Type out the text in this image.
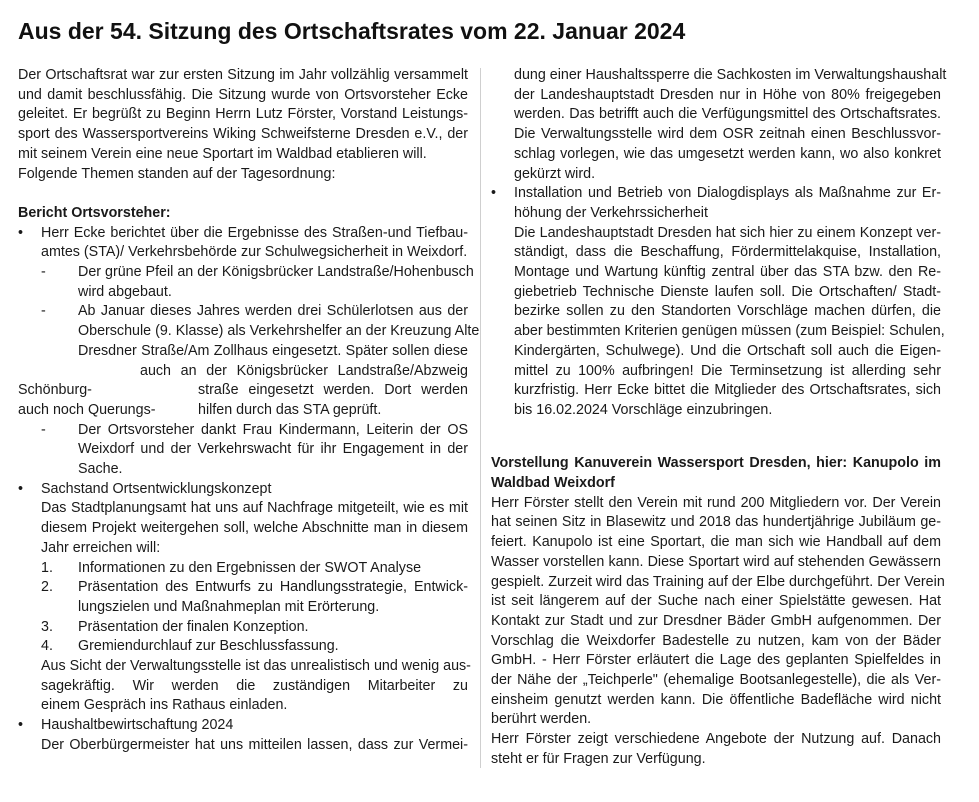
Aus der 54. Sitzung des Ortschaftsrates vom 22. Januar 2024
Der Ortschaftsrat war zur ersten Sitzung im Jahr vollzählig versammelt
und damit beschlussfähig. Die Sitzung wurde von Ortsvorsteher Ecke
geleitet. Er begrüßt zu Beginn Herrn Lutz Förster, Vorstand Leistungs-
sport des Wassersportvereins Wiking Schweifsterne Dresden e.V., der
mit seinem Verein eine neue Sportart im Waldbad etablieren will.
Folgende Themen standen auf der Tagesordnung:
Bericht Ortsvorsteher:
• Herr Ecke berichtet über die Ergebnisse des Straßen-und Tiefbau-
amtes (STA)/ Verkehrsbehörde zur Schulwegsicherheit in Weixdorf.
- Der grüne Pfeil an der Königsbrücker Landstraße/Hohenbusch
wird abgebaut.
- Ab Januar dieses Jahres werden drei Schülerlotsen aus der
Oberschule (9. Klasse) als Verkehrshelfer an der Kreuzung Alte
Dresdner Straße/Am Zollhaus eingesetzt. Später sollen diese
auch an der Königsbrücker Landstraße/Abzweig
Schönburg-	straße eingesetzt werden. Dort werden
auch noch Querungs-	hilfen durch das STA geprüft.
- Der Ortsvorsteher dankt Frau Kindermann, Leiterin der OS
Weixdorf und der Verkehrswacht für ihr Engagement in der
Sache.
• Sachstand Ortsentwicklungskonzept
Das Stadtplanungsamt hat uns auf Nachfrage mitgeteilt, wie es mit
diesem Projekt weitergehen soll, welche Abschnitte man in diesem
Jahr erreichen will:
1. Informationen zu den Ergebnissen der SWOT Analyse
2. Präsentation des Entwurfs zu Handlungsstrategie, Entwick-
lungszielen und Maßnahmeplan mit Erörterung.
3. Präsentation der finalen Konzeption.
4. Gremiendurchlauf zur Beschlussfassung.
Aus Sicht der Verwaltungsstelle ist das unrealistisch und wenig aus-
sagekräftig. Wir werden die zuständigen Mitarbeiter zu
einem Gespräch ins Rathaus einladen.
• Haushaltbewirtschaftung 2024
Der Oberbürgermeister hat uns mitteilen lassen, dass zur Vermei-
dung einer Haushaltssperre die Sachkosten im Verwaltungshaushalt
der Landeshauptstadt Dresden nur in Höhe von 80% freigegeben
werden. Das betrifft auch die Verfügungsmittel des Ortschaftsrates.
Die Verwaltungsstelle wird dem OSR zeitnah einen Beschlussvor-
schlag vorlegen, wie das umgesetzt werden kann, wo also konkret
gekürzt wird.
• Installation und Betrieb von Dialogdisplays als Maßnahme zur Er-
höhung der Verkehrssicherheit
Die Landeshauptstadt Dresden hat sich hier zu einem Konzept ver-
ständigt, dass die Beschaffung, Fördermittelakquise, Installation,
Montage und Wartung künftig zentral über das STA bzw. den Re-
giebetrieb Technische Dienste laufen soll. Die Ortschaften/ Stadt-
bezirke sollen zu den Standorten Vorschläge machen dürfen, die
aber bestimmten Kriterien genügen müssen (zum Beispiel: Schulen,
Kindergärten, Schulwege). Und die Ortschaft soll auch die Eigen-
mittel zu 100% aufbringen! Die Terminsetzung ist allerding sehr
kurzfristig. Herr Ecke bittet die Mitglieder des Ortschaftsrates, sich
bis 16.02.2024 Vorschläge einzubringen.
Vorstellung Kanuverein Wassersport Dresden, hier: Kanupolo im
Waldbad Weixdorf
Herr Förster stellt den Verein mit rund 200 Mitgliedern vor. Der Verein
hat seinen Sitz in Blasewitz und 2018 das hundertjährige Jubiläum ge-
feiert. Kanupolo ist eine Sportart, die man sich wie Handball auf dem
Wasser vorstellen kann. Diese Sportart wird auf stehenden Gewässern
gespielt. Zurzeit wird das Training auf der Elbe durchgeführt. Der Verein
ist seit längerem auf der Suche nach einer Spielstätte gewesen. Hat
Kontakt zur Stadt und zur Dresdner Bäder GmbH aufgenommen. Der
Vorschlag die Weixdorfer Badestelle zu nutzen, kam von der Bäder
GmbH. - Herr Förster erläutert die Lage des geplanten Spielfeldes in
der Nähe der „Teichperle" (ehemalige Bootsanlegestelle), die als Ver-
einsheim genutzt werden kann. Die öffentliche Badefläche wird nicht
berührt werden.
Herr Förster zeigt verschiedene Angebote der Nutzung auf. Danach
steht er für Fragen zur Verfügung.
